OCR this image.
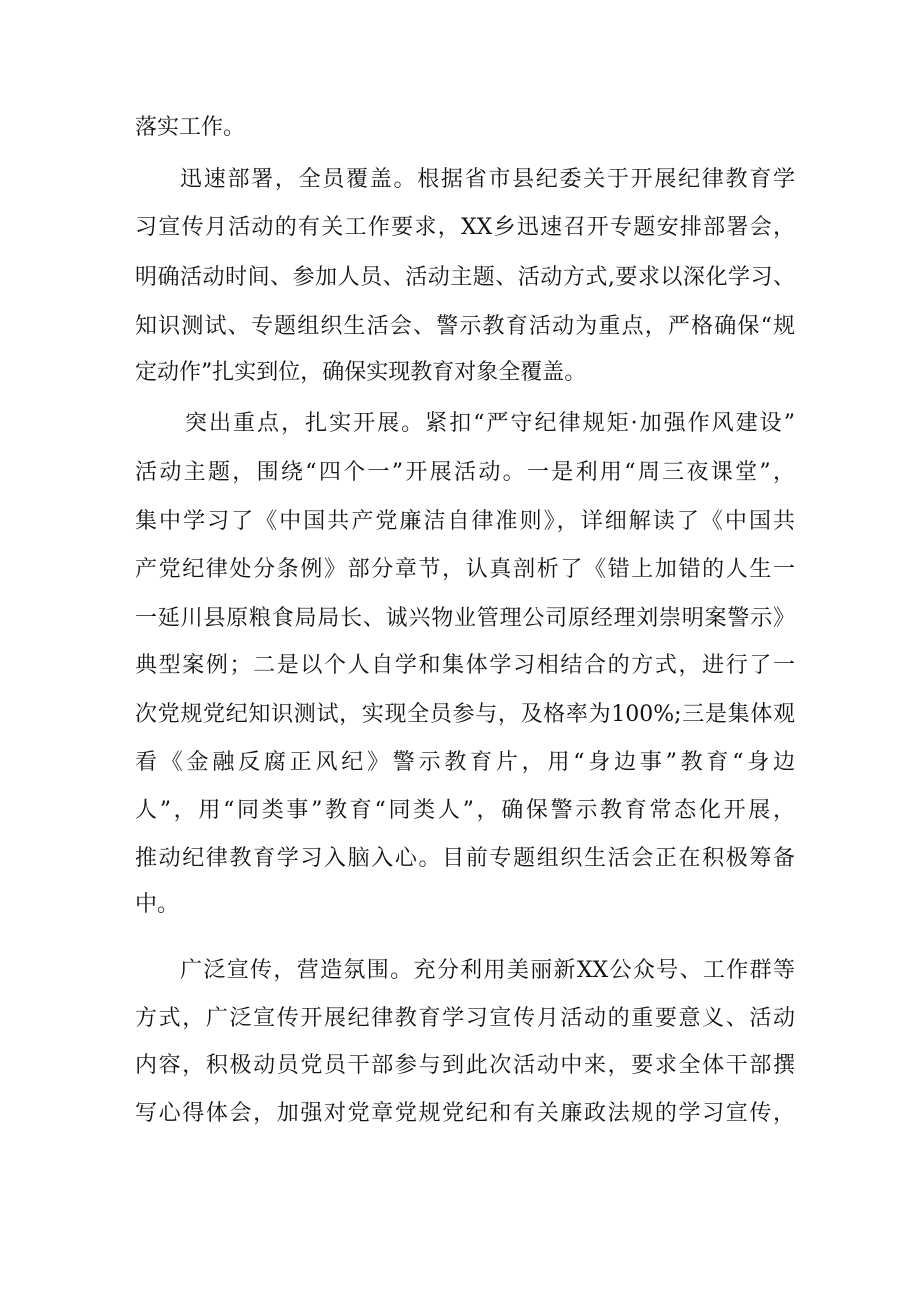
落实工作。
迅速部署，全员覆盖。根据省市县纪委关于开展纪律教育学
习宣传月活动的有关工作要求，XX乡迅速召开专题安排部署会，
明确活动时间、参加人员、活动主题、活动方式,要求以深化学习、
知识测试、专题组织生活会、警示教育活动为重点，严格确保“规
定动作”扎实到位，确保实现教育对象全覆盖。
突出重点，扎实开展。紧扣“严守纪律规矩·加强作风建设”
活动主题，围绕“四个一”开展活动。一是利用“周三夜课堂”，
集中学习了《中国共产党廉洁自律准则》，详细解读了《中国共
产党纪律处分条例》部分章节，认真剖析了《错上加错的人生一
一延川县原粮食局局长、诚兴物业管理公司原经理刘崇明案警示》
典型案例；二是以个人自学和集体学习相结合的方式，进行了一
次党规党纪知识测试，实现全员参与，及格率为100%;三是集体观
看《金融反腐正风纪》警示教育片，用“身边事”教育“身边
人”，用“同类事”教育“同类人”，确保警示教育常态化开展，
推动纪律教育学习入脑入心。目前专题组织生活会正在积极筹备
中。
广泛宣传，营造氛围。充分利用美丽新XX公众号、工作群等
方式，广泛宣传开展纪律教育学习宣传月活动的重要意义、活动
内容，积极动员党员干部参与到此次活动中来，要求全体干部撰
写心得体会，加强对党章党规党纪和有关廉政法规的学习宣传，
